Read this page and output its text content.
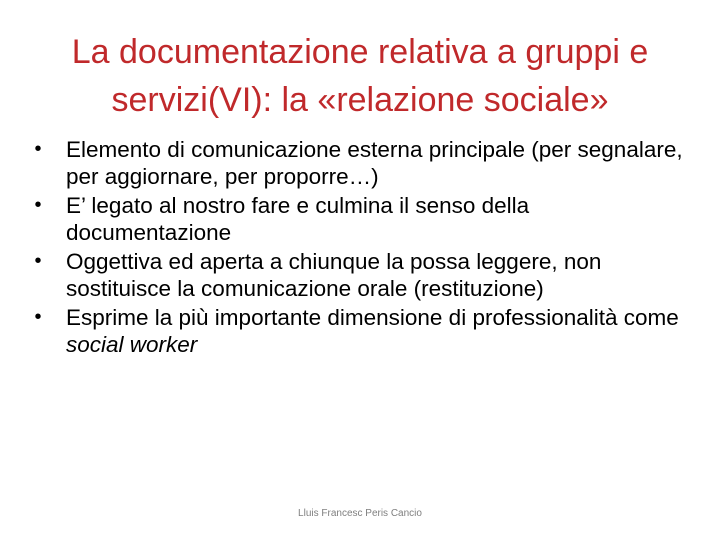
La documentazione relativa a gruppi e
servizi(VI): la «relazione sociale»
• Elemento di comunicazione esterna principale (per segnalare, per aggiornare, per proporre…)
• E’ legato al nostro fare e culmina il senso della documentazione
• Oggettiva ed aperta a chiunque la possa leggere, non sostituisce la comunicazione orale (restituzione)
• Esprime la più importante dimensione di professionalità come social worker
Lluis Francesc Peris Cancio
